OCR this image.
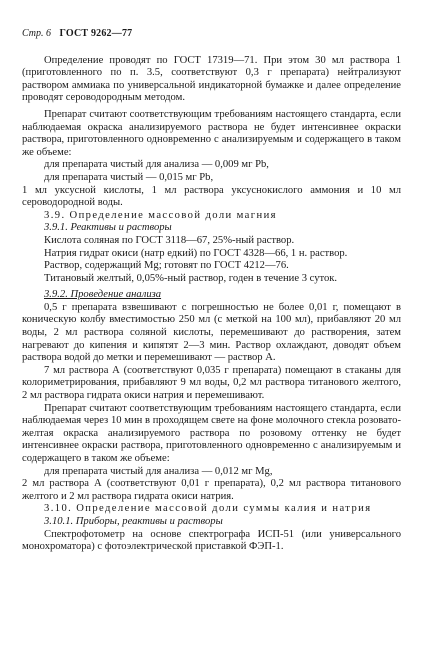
Стр. 6 ГОСТ 9262—77

Определение проводят по ГОСТ 17319—71. При этом 30 мл раствора 1 (приготовленного по п. 3.5, соответствуют 0,3 г препарата) нейтрализуют раствором аммиака по универсальной индикаторной бумажке и далее определение проводят сероводородным методом.

Препарат считают соответствующим требованиям настоящего стандарта, если наблюдаемая окраска анализируемого раствора не будет интенсивнее окраски раствора, приготовленного одновременно с анализируемым и содержащего в таком же объеме:

для препарата чистый для анализа — 0,009 мг Pb,

для препарата чистый — 0,015 мг Pb,

1 мл уксусной кислоты, 1 мл раствора уксуснокислого аммония и 10 мл сероводородной воды.

3.9. Определение массовой доли магния

3.9.1. Реактивы и растворы

Кислота соляная по ГОСТ 3118—67, 25%-ный раствор.

Натрия гидрат окиси (натр едкий) по ГОСТ 4328—66, 1 н. раствор.

Раствор, содержащий Mg; готовят по ГОСТ 4212—76.

Титановый желтый, 0,05%-ный раствор, годен в течение 3 суток.

3.9.2. Проведение анализа

0,5 г препарата взвешивают с погрешностью не более 0,01 г, помещают в коническую колбу вместимостью 250 мл (с меткой на 100 мл), прибавляют 20 мл воды, 2 мл раствора соляной кислоты, перемешивают до растворения, затем нагревают до кипения и кипятят 2—3 мин. Раствор охлаждают, доводят объем раствора водой до метки и перемешивают — раствор А.

7 мл раствора А (соответствуют 0,035 г препарата) помещают в стаканы для колориметрирования, прибавляют 9 мл воды, 0,2 мл раствора титанового желтого, 2 мл раствора гидрата окиси натрия и перемешивают.

Препарат считают соответствующим требованиям настоящего стандарта, если наблюдаемая через 10 мин в проходящем свете на фоне молочного стекла розовато-желтая окраска анализируемого раствора по розовому оттенку не будет интенсивнее окраски раствора, приготовленного одновременно с анализируемым и содержащего в таком же объеме:

для препарата чистый для анализа — 0,012 мг Mg,

2 мл раствора А (соответствуют 0,01 г препарата), 0,2 мл раствора титанового желтого и 2 мл раствора гидрата окиси натрия.

3.10. Определение массовой доли суммы калия и натрия

3.10.1. Приборы, реактивы и растворы

Спектрофотометр на основе спектрографа ИСП-51 (или универсального монохроматора) с фотоэлектрической приставкой ФЭП-1.
